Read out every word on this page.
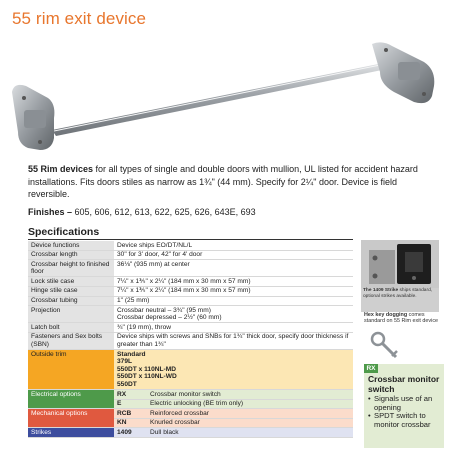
55 rim exit device
55 Rim devices for all types of single and double doors with mullion, UL listed for accident hazard installations. Fits doors stiles as narrow as 1¾" (44 mm). Specify for 2¼" door. Device is field reversible.
Finishes – 605, 606, 612, 613, 622, 625, 626, 643E, 693
Specifications
Device functions	Device ships EO/DT/NL/L	
Crossbar length	30" for 3' door, 42" for 4' door	
Crossbar height to finished floor	36⅛" (935 mm) at center	
Lock stile case	7¼" x 1⅗" x 2¼" (184 mm x 30 mm x 57 mm)	
Hinge stile case	7¼" x 1⅗" x 2¼" (184 mm x 30 mm x 57 mm)	
Crossbar tubing	1" (25 mm)	
Projection	Crossbar neutral – 3¾" (95 mm)
Crossbar depressed – 2½" (60 mm)	

Latch bolt	¾" (19 mm), throw	
Fasteners and Sex bolts (SBN)	Device ships with screws and SNBs for 1¾" thick door, specify door thickness if greater than 1¾"	
Outside trim	Standard
379L
550DT x 110NL-MD
550DT x 110NL-WD
550DT	

Electrical options	RX	Crossbar monitor switch
	E	Electric unlocking (BE trim only)
Mechanical options	RCB	Reinforced crossbar
	KN	Knurled crossbar
Strikes	1409	Dull black
The 1409 Strike ships standard, optional strikes available.
Hex key dogging comes standard on 55 Rim exit device
RX
Crossbar monitor switch
• Signals use of an opening
• SPDT switch to monitor crossbar
